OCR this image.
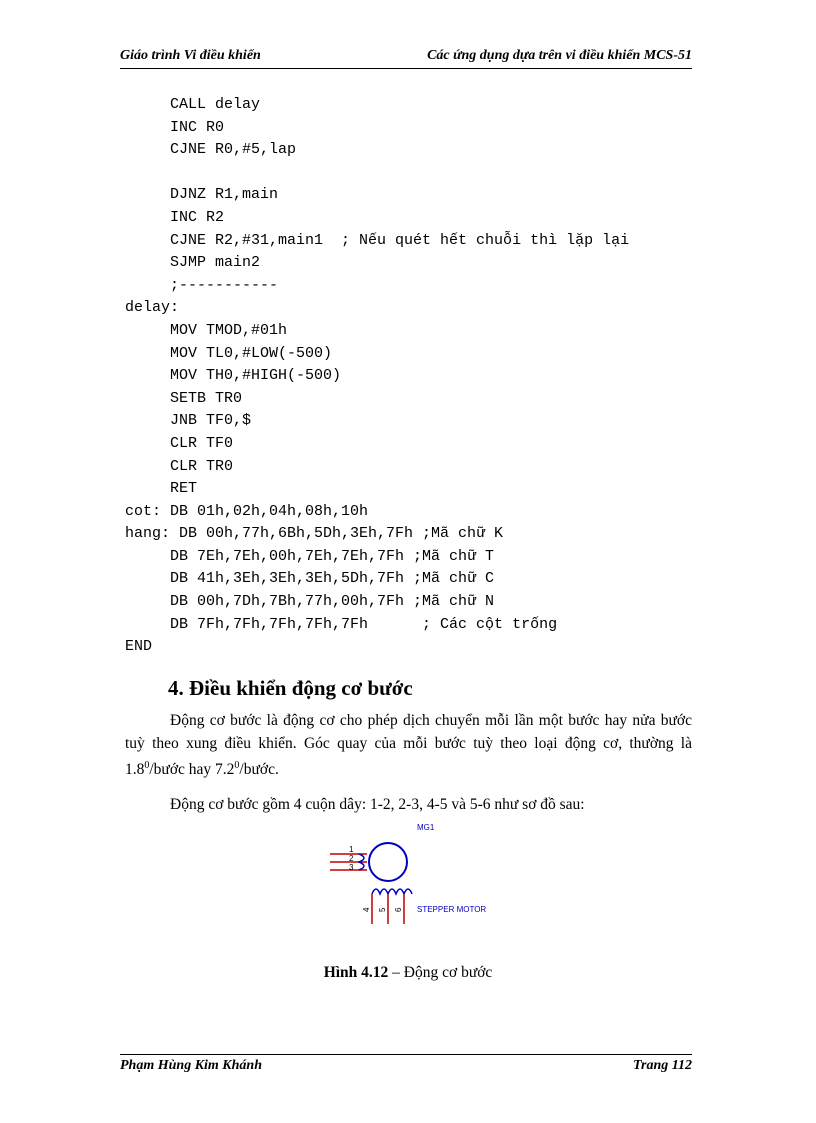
Giáo trình Vi điều khiển	Các ứng dụng dựa trên vi điều khiển MCS-51
CALL delay
INC R0
CJNE R0,#5,lap
DJNZ R1,main
INC R2
CJNE R2,#31,main1  ; Nếu quét hết chuỗi thì lặp lại
SJMP main2
;-----------
delay:
MOV TMOD,#01h
MOV TL0,#LOW(-500)
MOV TH0,#HIGH(-500)
SETB TR0
JNB TF0,$
CLR TF0
CLR TR0
RET
cot: DB 01h,02h,04h,08h,10h
hang: DB 00h,77h,6Bh,5Dh,3Eh,7Fh ;Mã chữ K
DB 7Eh,7Eh,00h,7Eh,7Eh,7Fh ;Mã chữ T
DB 41h,3Eh,3Eh,3Eh,5Dh,7Fh ;Mã chữ C
DB 00h,7Dh,7Bh,77h,00h,7Fh ;Mã chữ N
DB 7Fh,7Fh,7Fh,7Fh,7Fh      ; Các cột trống
END
4. Điều khiển động cơ bước
Động cơ bước là động cơ cho phép dịch chuyển mỗi lần một bước hay nửa bước tuỳ theo xung điều khiển. Góc quay của mỗi bước tuỳ theo loại động cơ, thường là $1.8^0$/bước hay $7.2^0$/bước.
Động cơ bước gồm 4 cuộn dây: 1-2, 2-3, 4-5 và 5-6 như sơ đồ sau:
MG1
1
2
3
4 5 6 STEPPER MOTOR
Hình 4.12 – Động cơ bước
Phạm Hùng Kim Khánh	Trang 112
